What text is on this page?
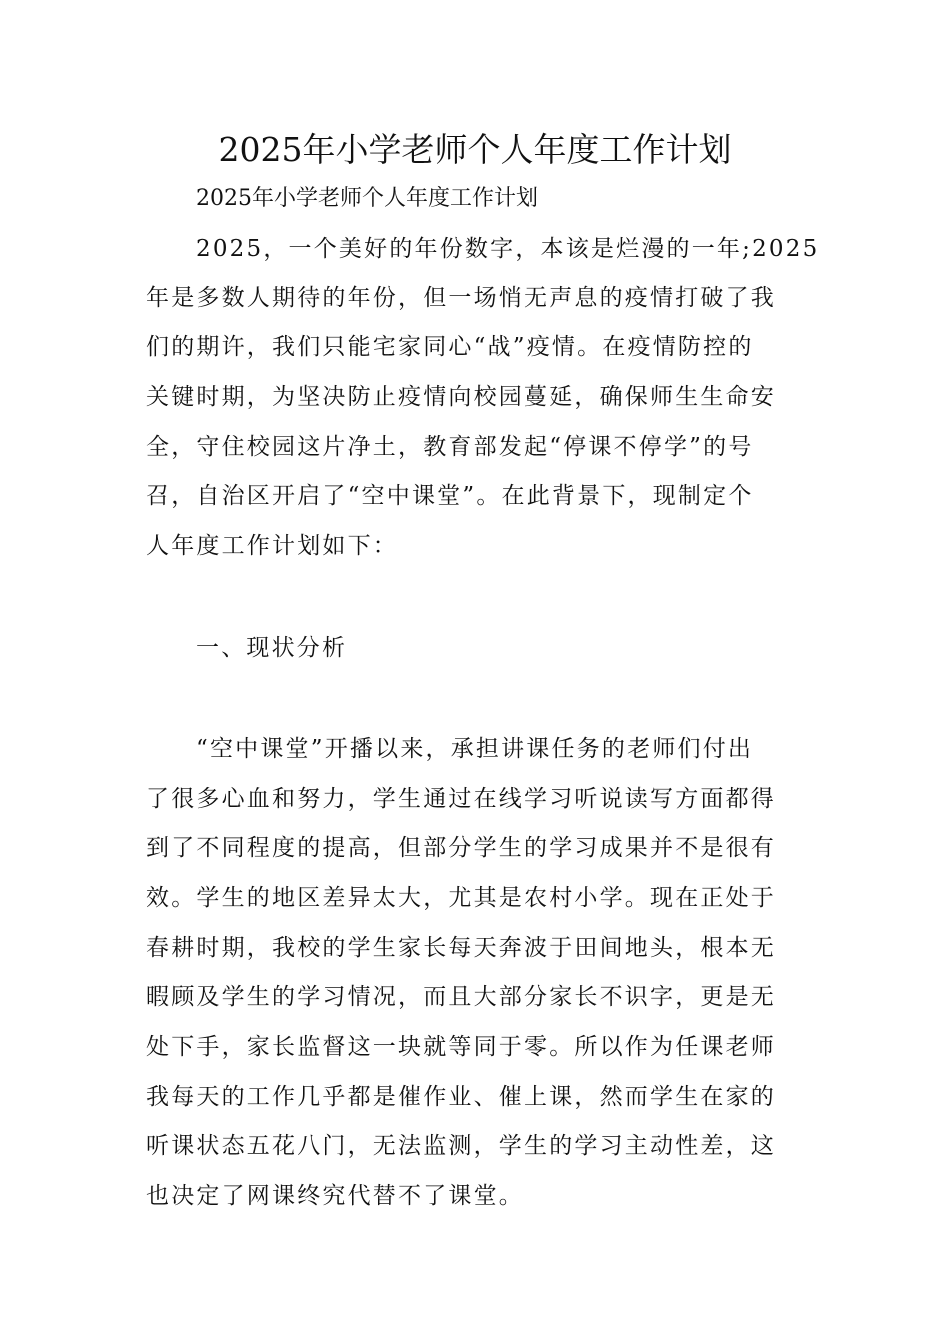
2025年小学老师个人年度工作计划

2025年小学老师个人年度工作计划

2025，一个美好的年份数字，本该是烂漫的一年;2025

年是多数人期待的年份，但一场悄无声息的疫情打破了我

们的期许，我们只能宅家同心“战”疫情。在疫情防控的

关键时期，为坚决防止疫情向校园蔓延，确保师生生命安

全，守住校园这片净土，教育部发起“停课不停学”的号

召，自治区开启了“空中课堂”。在此背景下，现制定个

人年度工作计划如下：

一、现状分析

“空中课堂”开播以来，承担讲课任务的老师们付出

了很多心血和努力，学生通过在线学习听说读写方面都得

到了不同程度的提高，但部分学生的学习成果并不是很有

效。学生的地区差异太大，尤其是农村小学。现在正处于

春耕时期，我校的学生家长每天奔波于田间地头，根本无

暇顾及学生的学习情况，而且大部分家长不识字，更是无

处下手，家长监督这一块就等同于零。所以作为任课老师

我每天的工作几乎都是催作业、催上课，然而学生在家的

听课状态五花八门，无法监测，学生的学习主动性差，这

也决定了网课终究代替不了课堂。
